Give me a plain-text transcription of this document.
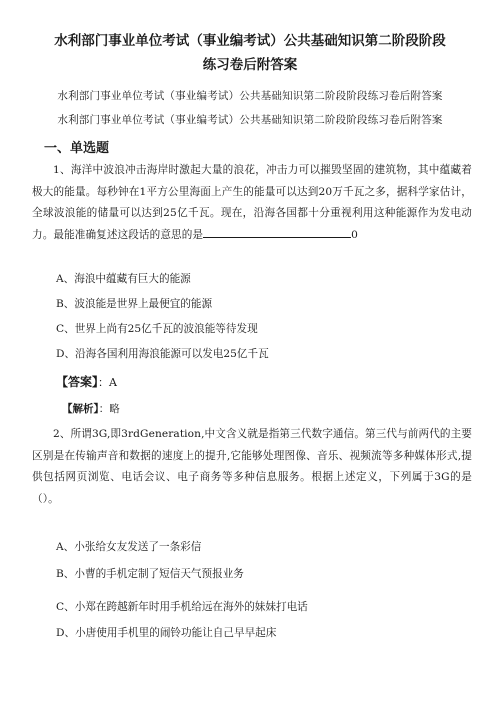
水利部门事业单位考试（事业编考试）公共基础知识第二阶段阶段
练习卷后附答案
水利部门事业单位考试（事业编考试）公共基础知识第二阶段阶段练习卷后附答案
水利部门事业单位考试（事业编考试）公共基础知识第二阶段阶段练习卷后附答案
一、单选题
1、海洋中波浪冲击海岸时激起大量的浪花，冲击力可以摧毁坚固的建筑物，其中蕴藏着极大的能量。每秒钟在1平方公里海面上产生的能量可以达到20万千瓦之多，据科学家估计，全球波浪能的储量可以达到25亿千瓦。现在，沿海各国都十分重视利用这种能源作为发电动力。最能准确复述这段话的意思的是	0
A、海浪中蕴藏有巨大的能源
B、波浪能是世界上最便宜的能源
C、世界上尚有25亿千瓦的波浪能等待发现
D、沿海各国利用海浪能源可以发电25亿千瓦
【答案】：A
【解析】：略
2、所谓3G,即3rdGeneration,中文含义就是指第三代数字通信。第三代与前两代的主要区别是在传输声音和数据的速度上的提升,它能够处理图像、音乐、视频流等多种媒体形式,提供包括网页浏览、电话会议、电子商务等多种信息服务。根据上述定义，下列属于3G的是（）。
A、小张给女友发送了一条彩信
B、小曹的手机定制了短信天气预报业务
C、小郑在跨越新年时用手机给远在海外的妹妹打电话
D、小唐使用手机里的闹铃功能让自己早早起床
